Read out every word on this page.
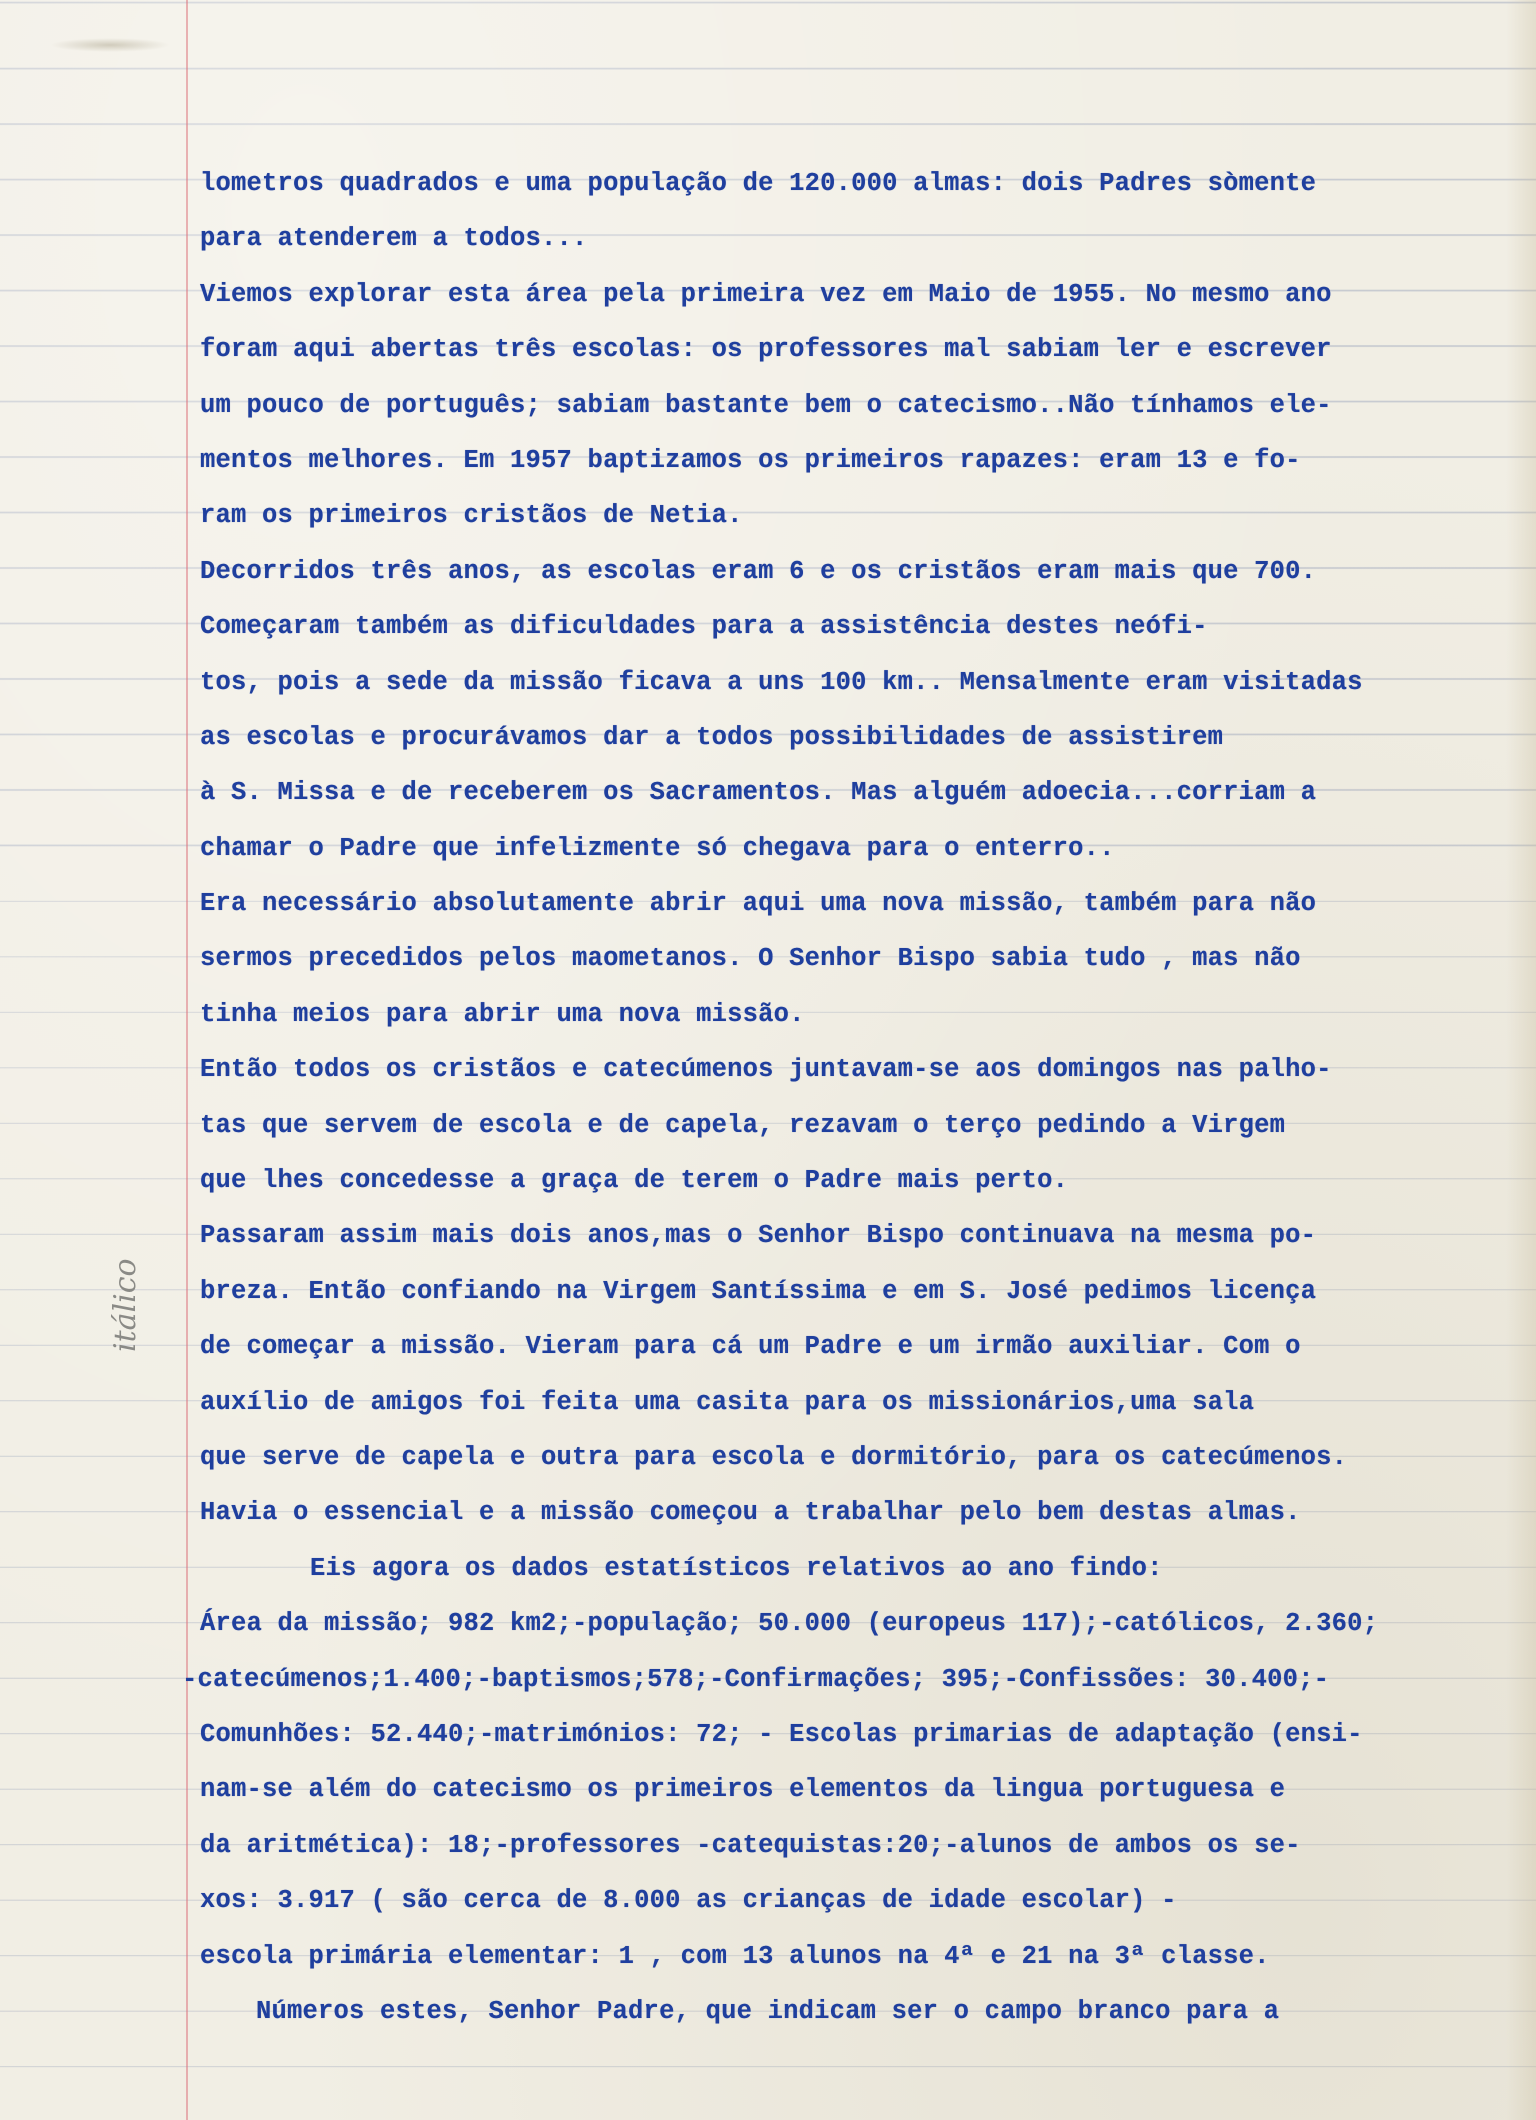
lometros quadrados e uma população de 120.000 almas: dois Padres sòmente
para atenderem a todos...
Viemos explorar esta área pela primeira vez em Maio de 1955. No mesmo ano
foram aqui abertas três escolas: os professores mal sabiam ler e escrever
um pouco de português; sabiam bastante bem o catecismo..Não tínhamos ele-
mentos melhores. Em 1957 baptizamos os primeiros rapazes: eram 13 e fo-
ram os primeiros cristãos de Netia.
Decorridos três anos, as escolas eram 6 e os cristãos eram mais que 700.
Começaram também as dificuldades para a assistência destes neófi-
tos, pois a sede da missão ficava a uns 100 km.. Mensalmente eram visitadas
as escolas e procurávamos dar a todos possibilidades de assistirem
à S. Missa e de receberem os Sacramentos. Mas alguém adoecia...corriam a
chamar o Padre que infelizmente só chegava para o enterro..
Era necessário absolutamente abrir aqui uma nova missão, também para não
sermos precedidos pelos maometanos. O Senhor Bispo sabia tudo , mas não
tinha meios para abrir uma nova missão.
Então todos os cristãos e catecúmenos juntavam-se aos domingos nas palho-
tas que servem de escola e de capela, rezavam o terço pedindo a Virgem
que lhes concedesse a graça de terem o Padre mais perto.
Passaram assim mais dois anos,mas o Senhor Bispo continuava na mesma po-
breza. Então confiando na Virgem Santíssima e em S. José pedimos licença
de começar a missão. Vieram para cá um Padre e um irmão auxiliar. Com o
auxílio de amigos foi feita uma casita para os missionários,uma sala
que serve de capela e outra para escola e dormitório, para os catecúmenos.
Havia o essencial e a missão começou a trabalhar pelo bem destas almas.
Eis agora os dados estatísticos relativos ao ano findo:
Área da missão; 982 km2;-população; 50.000 (europeus 117);-católicos, 2.360;
-catecúmenos;1.400;-baptismos;578;-Confirmações; 395;-Confissões: 30.400;-
Comunhões: 52.440;-matrimónios: 72; - Escolas primarias de adaptação (ensi-
nam-se além do catecismo os primeiros elementos da lingua portuguesa e
da aritmética): 18;-professores -catequistas:20;-alunos de ambos os se-
xos: 3.917 ( são cerca de 8.000 as crianças de idade escolar) -
escola primária elementar: 1 , com 13 alunos na 4ª e 21 na 3ª classe.
Números estes, Senhor Padre, que indicam ser o campo branco para a
itálico
